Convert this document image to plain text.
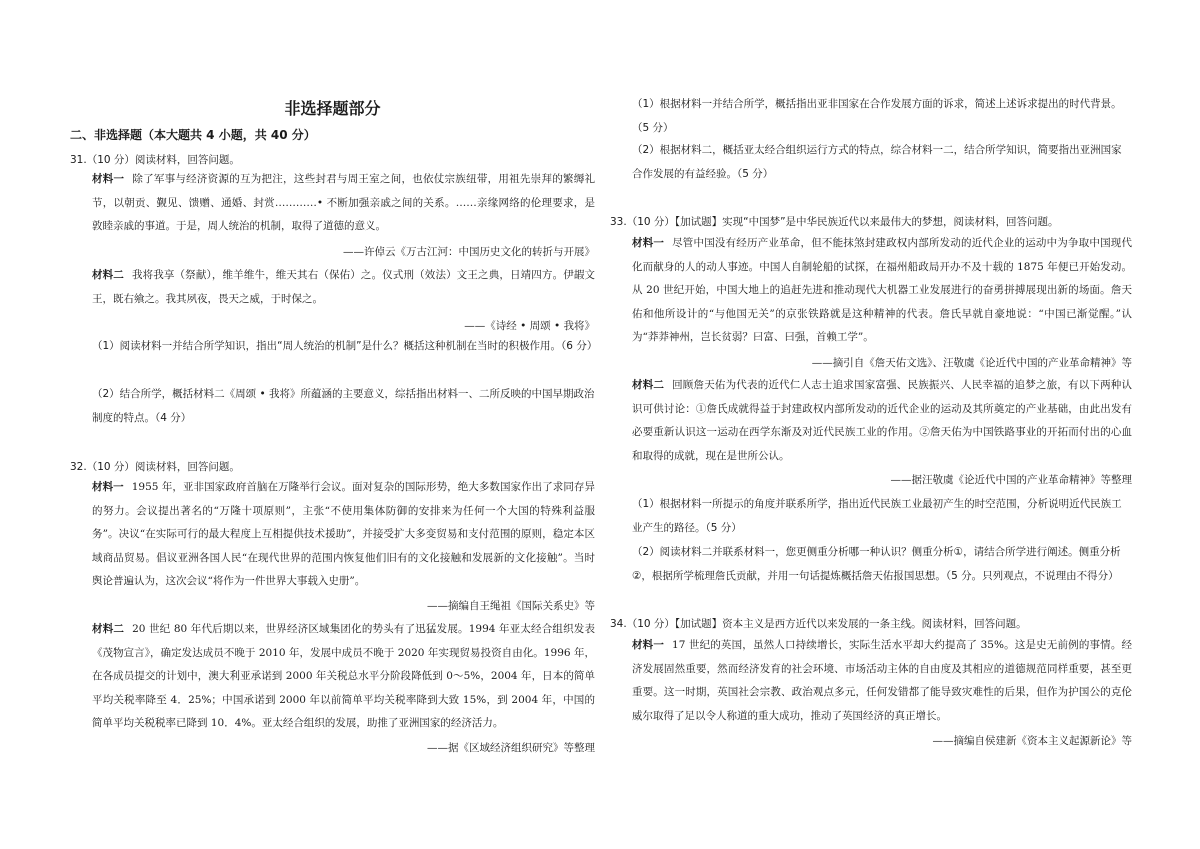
非选择题部分
二、非选择题（本大题共 4 小题，共 40 分）
31.（10 分）阅读材料，回答问题。

材料一 除了军事与经济资源的互为把注，这些封君与周王室之间，也依仗宗族纽带，用祖先崇拜的繁缛礼节，以朝贡、觐见、馈赠、通婚、封赏…………• 不断加强亲戚之间的关系。……亲缘网络的伦理要求，是敦睦亲戚的事道。于是，周人统治的机制，取得了道德的意义。

——许倬云《万古江河：中国历史文化的转折与开展》

材料二 我将我享（祭献），维羊维牛，维天其右（保佑）之。仪式刑（效法）文王之典，日靖四方。伊嘏文王，既右飨之。我其夙夜，畏天之威，于时保之。

——《诗经 • 周颂 • 我将》

（1）阅读材料一并结合所学知识，指出“周人统治的机制”是什么？概括这种机制在当时的积极作用。（6 分）

（2）结合所学，概括材料二《周颂 • 我将》所蕴涵的主要意义，综括指出材料一、二所反映的中国早期政治制度的特点。（4 分）

32.（10 分）阅读材料，回答问题。

材料一 1955 年，亚非国家政府首脑在万隆举行会议。面对复杂的国际形势，绝大多数国家作出了求同存异的努力。会议提出著名的“万隆十项原则”，主张“不使用集体防御的安排来为任何一个大国的特殊利益服务”。决议“在实际可行的最大程度上互相提供技术援助”，并接受扩大多变贸易和支付范围的原则，稳定本区域商品贸易。倡议亚洲各国人民“在现代世界的范围内恢复他们旧有的文化接触和发展新的文化接触”。当时舆论普遍认为，这次会议“将作为一件世界大事载入史册”。

——摘编自王绳祖《国际关系史》等

材料二 20 世纪 80 年代后期以来，世界经济区域集团化的势头有了迅猛发展。1994 年亚太经合组织发表《茂物宣言》，确定发达成员不晚于 2010 年，发展中成员不晚于 2020 年实现贸易投资自由化。1996 年，在各成员提交的计划中，澳大利亚承诺到 2000 年关税总水平分阶段降低到 0～5%，2004 年，日本的简单平均关税率降至 4．25%；中国承诺到 2000 年以前简单平均关税率降到大致 15%，到 2004 年，中国的简单平均关税税率已降到 10．4%。亚太经合组织的发展，助推了亚洲国家的经济活力。

——据《区域经济组织研究》等整理

（1）根据材料一并结合所学，概括指出亚非国家在合作发展方面的诉求，简述上述诉求提出的时代背景。（5 分）

（2）根据材料二，概括亚太经合组织运行方式的特点，综合材料一二，结合所学知识，简要指出亚洲国家合作发展的有益经验。（5 分）

33.（10 分）【加试题】实现“中国梦”是中华民族近代以来最伟大的梦想，阅读材料，回答问题。

材料一 尽管中国没有经历产业革命，但不能抹煞封建政权内部所发动的近代企业的运动中为争取中国现代化而献身的人的动人事迹。中国人自制轮船的试探，在福州船政局开办不及十载的 1875 年便已开始发动。从 20 世纪开始，中国大地上的追赶先进和推动现代大机器工业发展进行的奋勇拼搏展现出新的场面。詹天佑和他所设计的“与他国无关”的京张铁路就是这种精神的代表。詹氏早就自豪地说：“中国已渐觉醒。”认为“莽莽神州，岂长贫弱？曰富、曰强，首赖工学”。

——摘引自《詹天佑文选》、汪敬虞《论近代中国的产业革命精神》等

材料二 回顾詹天佑为代表的近代仁人志士追求国家富强、民族振兴、人民幸福的追梦之旅，有以下两种认识可供讨论：①詹氏成就得益于封建政权内部所发动的近代企业的运动及其所奠定的产业基础，由此出发有必要重新认识这一运动在西学东渐及对近代民族工业的作用。②詹天佑为中国铁路事业的开拓而付出的心血和取得的成就，现在是世所公认。

——据汪敬虞《论近代中国的产业革命精神》等整理

（1）根据材料一所提示的角度并联系所学，指出近代民族工业最初产生的时空范围，分析说明近代民族工业产生的路径。（5 分）

（2）阅读材料二并联系材料一，您更侧重分析哪一种认识？侧重分析①，请结合所学进行阐述。侧重分析②，根据所学梳理詹氏贡献，并用一句话提炼概括詹天佑报国思想。（5 分。只列观点，不说理由不得分）

34.（10 分）【加试题】资本主义是西方近代以来发展的一条主线。阅读材料，回答问题。

材料一 17 世纪的英国，虽然人口持续增长，实际生活水平却大约提高了 35%。这是史无前例的事情。经济发展固然重要，然而经济发育的社会环境、市场活动主体的自由度及其相应的道德规范同样重要，甚至更重要。这一时期，英国社会宗教、政治观点多元，任何发错都了能导致灾难性的后果，但作为护国公的克伦威尔取得了足以令人称道的重大成功，推动了英国经济的真正增长。

——摘编自侯建新《资本主义起源新论》等
